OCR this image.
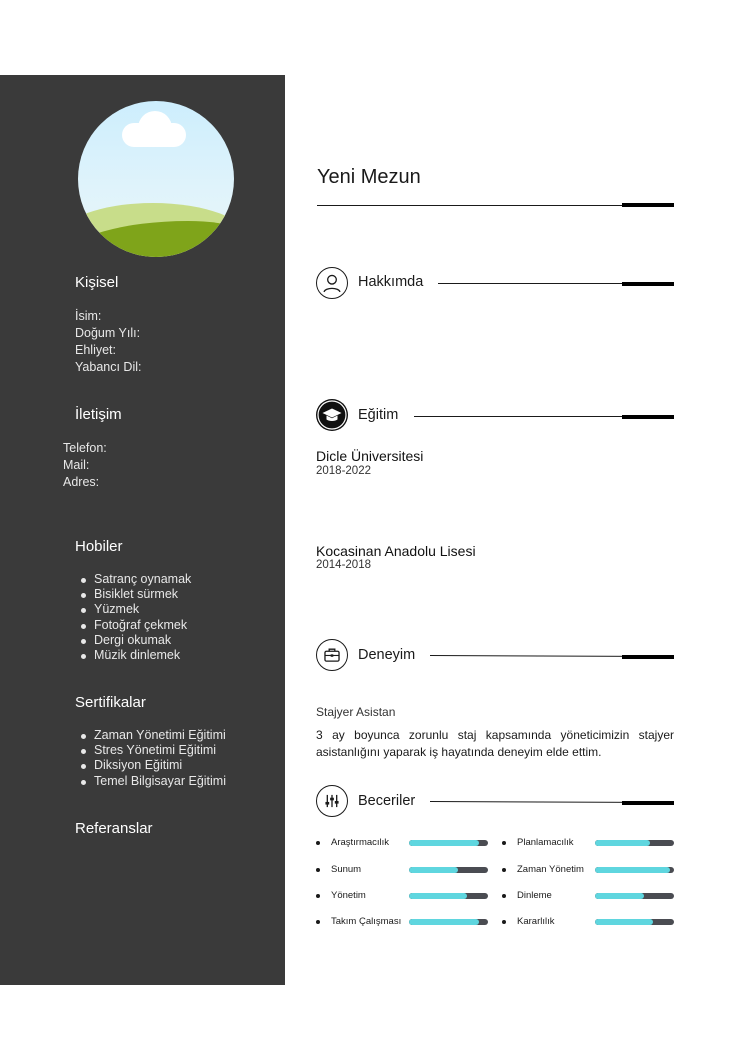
Kişisel
İsim:
Doğum Yılı:
Ehliyet:
Yabancı Dil:
İletişim
Telefon:
Mail:
Adres:
Hobiler
Satranç oynamak
Bisiklet sürmek
Yüzmek
Fotoğraf çekmek
Dergi okumak
Müzik dinlemek
Sertifikalar
Zaman Yönetimi Eğitimi
Stres Yönetimi Eğitimi
Diksiyon Eğitimi
Temel Bilgisayar Eğitimi
Referanslar
Yeni Mezun
Hakkımda
Eğitim
Dicle Üniversitesi
2018-2022
Kocasinan Anadolu Lisesi
2014-2018
Deneyim
Stajyer Asistan
3 ay boyunca zorunlu staj kapsamında yöneticimizin stajyer asistanlığını yaparak iş hayatında deneyim elde ettim.
Beceriler
Araştırmacılık	Planlamacılık
Sunum	Zaman Yönetim
Yönetim	Dinleme
Takım Çalışması	Kararlılık
